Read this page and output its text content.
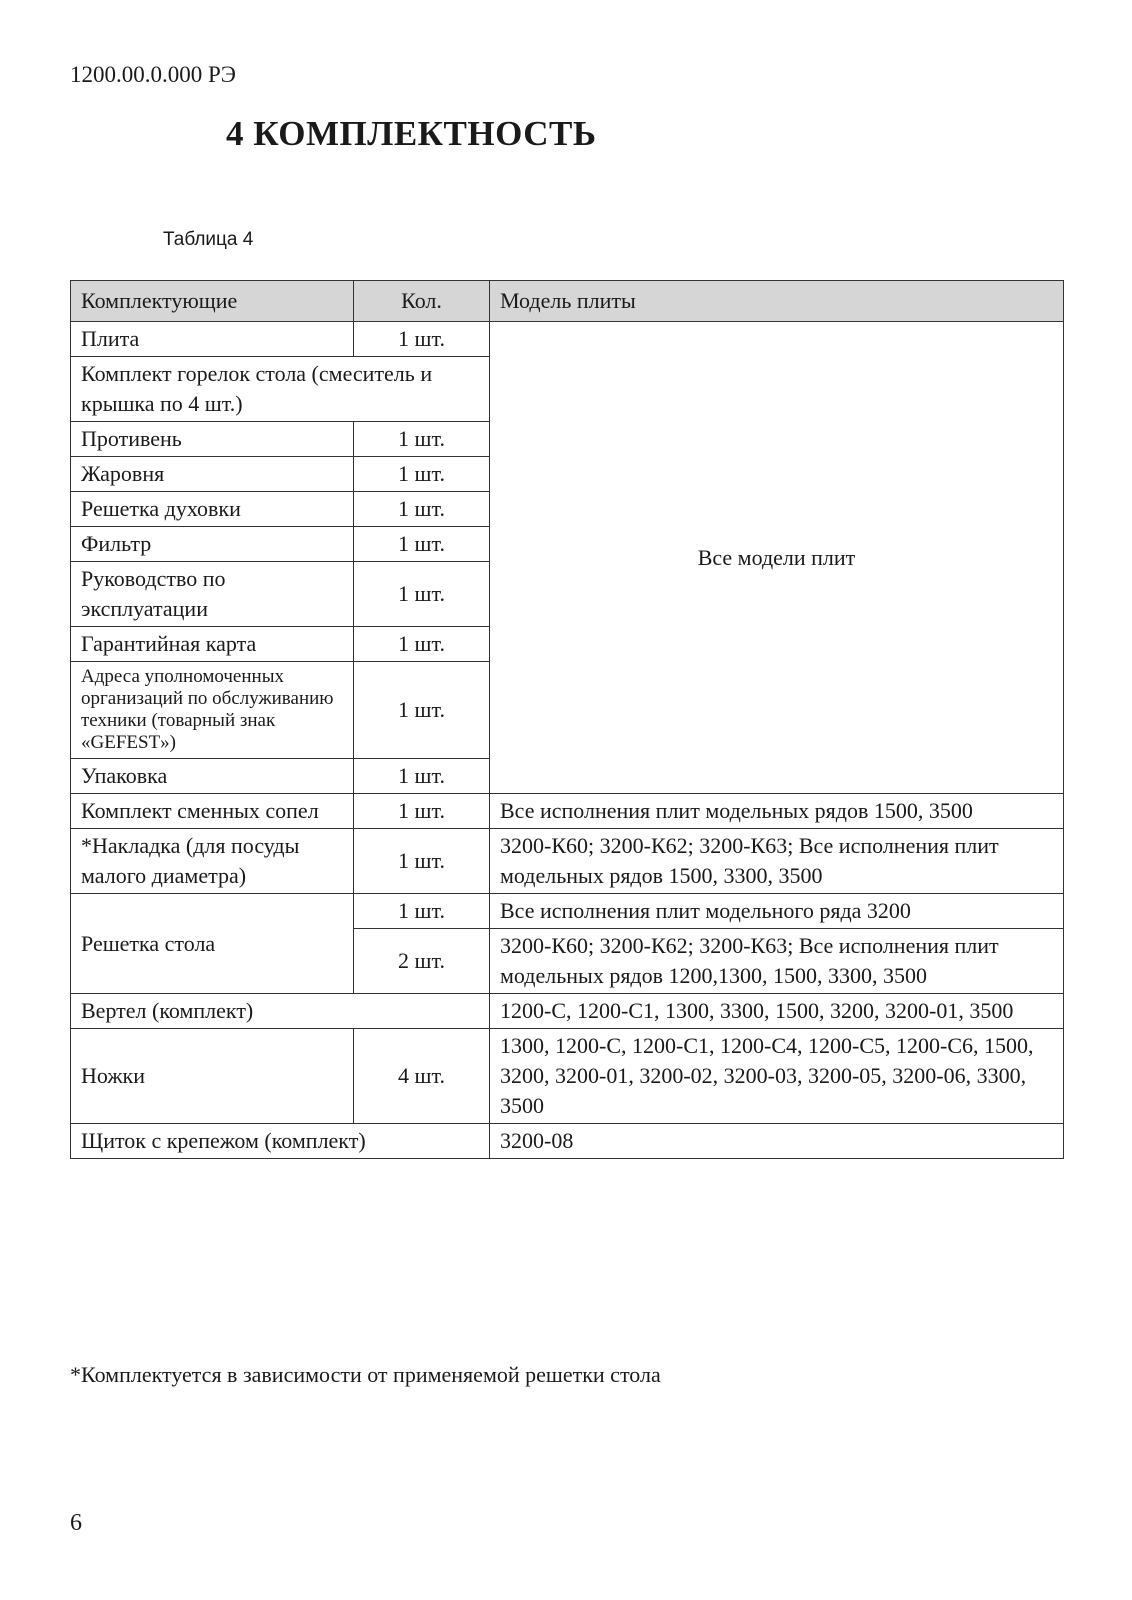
1200.00.0.000 РЭ
4 КОМПЛЕКТНОСТЬ
Таблица 4
Комплектующие	Кол.	Модель плиты
Плита	1 шт.	Все модели плит
Комплект горелок стола (смеситель и крышка по 4 шт.)		
Противень	1 шт.	
Жаровня	1 шт.	
Решетка духовки	1 шт.	
Фильтр	1 шт.	
Руководство по эксплуатации	1 шт.	
Гарантийная карта	1 шт.	
Адреса уполномоченных организаций по обслуживанию техники (товарный знак «GEFEST»)	1 шт.	
Упаковка	1 шт.	
Комплект сменных сопел	1 шт.	Все исполнения плит модельных рядов 1500, 3500
*Накладка (для посуды малого диаметра)	1 шт.	3200-К60; 3200-К62; 3200-К63; Все исполнения плит модельных рядов 1500, 3300, 3500
Решетка стола	1 шт.	Все исполнения плит модельного ряда 3200
	2 шт.	3200-К60; 3200-К62; 3200-К63; Все исполнения плит модельных рядов 1200,1300, 1500, 3300, 3500
Вертел (комплект)		1200-С, 1200-С1, 1300, 3300, 1500, 3200, 3200-01, 3500
Ножки	4 шт.	1300, 1200-С, 1200-С1, 1200-С4, 1200-С5, 1200-С6, 1500, 3200, 3200-01, 3200-02, 3200-03, 3200-05, 3200-06, 3300, 3500
Щиток с крепежом (комплект)		3200-08
*Комплектуется в зависимости от применяемой решетки стола
6
